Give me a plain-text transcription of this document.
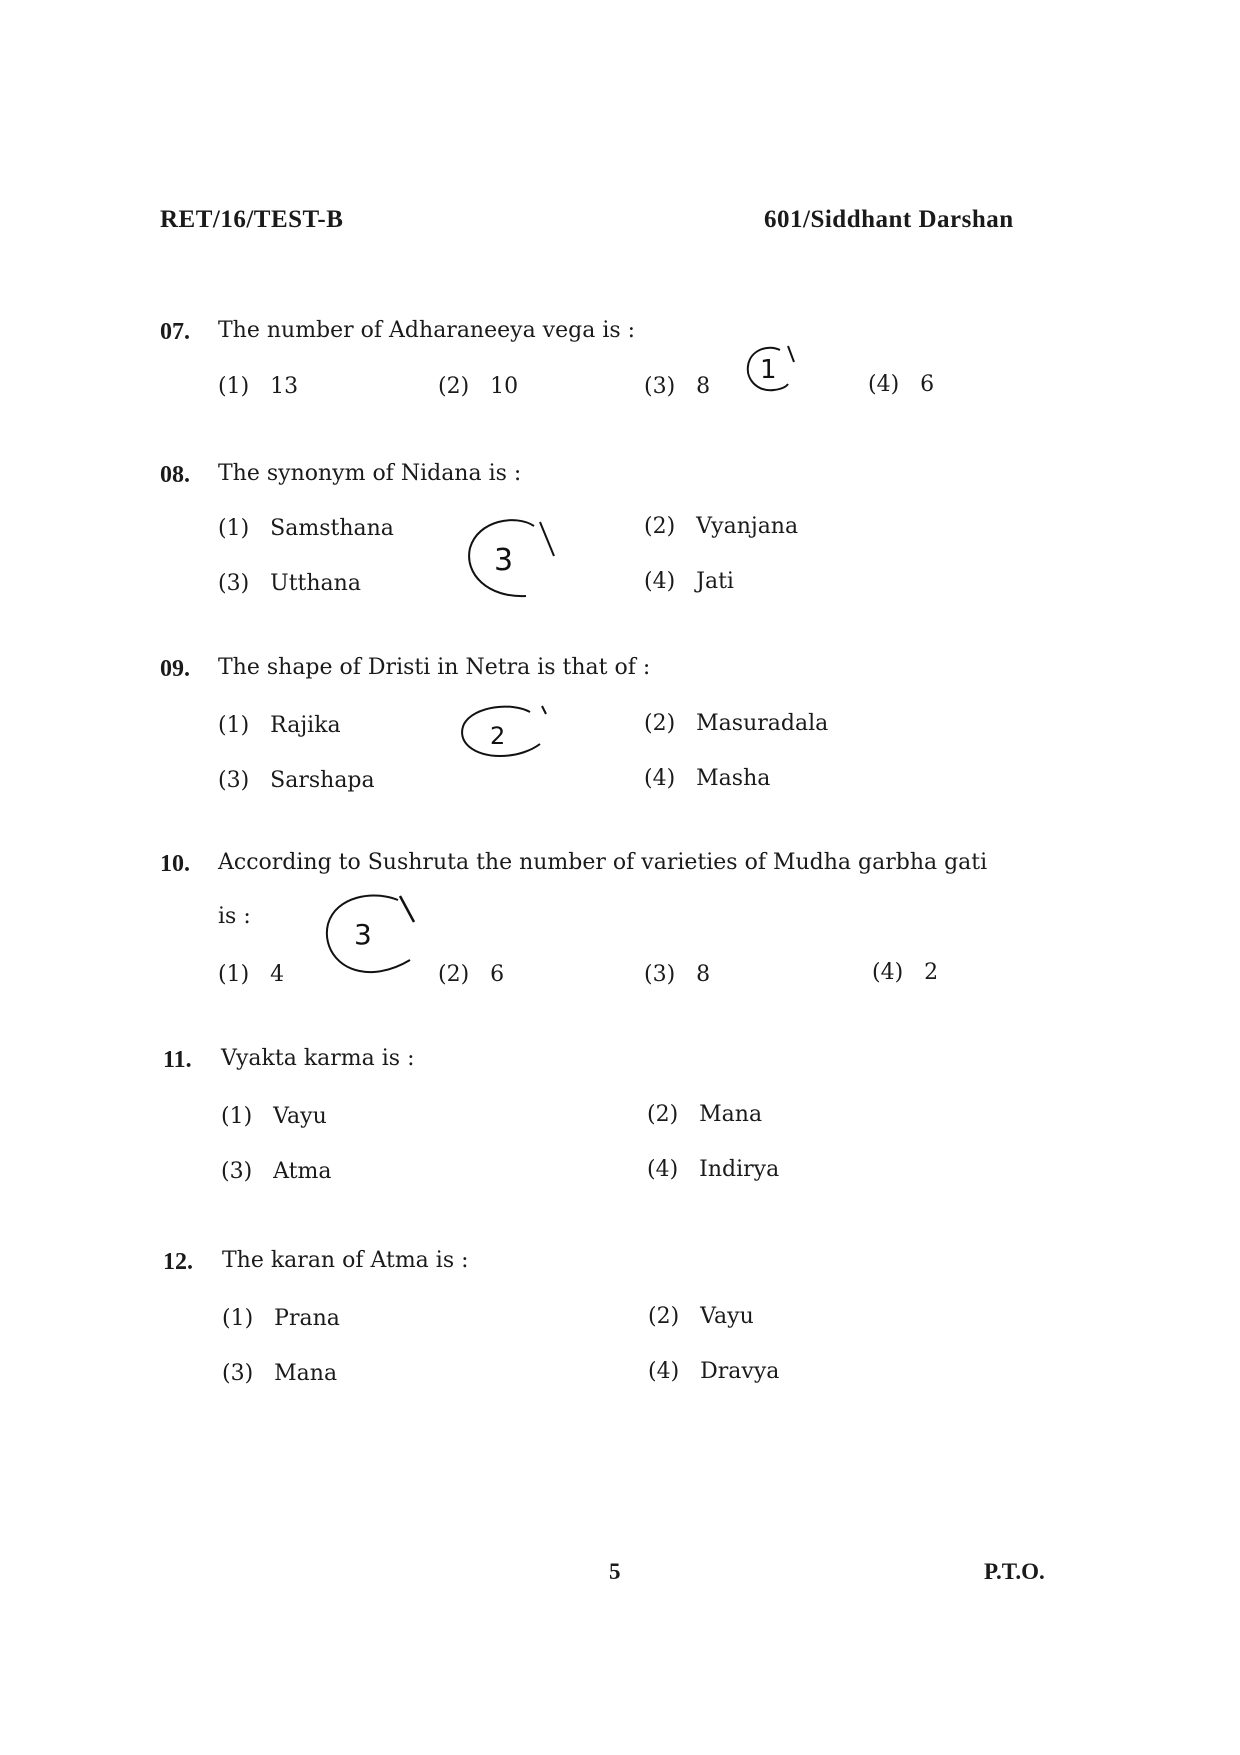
RET/16/TEST-B	601/Siddhant Darshan
07. The number of Adharaneeya vega is :
(1) 13	(2) 10	(3) 8	(4) 6
1
08. The synonym of Nidana is :
(1) Samsthana	(2) Vyanjana
(3) Utthana	(4) Jati
3
09. The shape of Dristi in Netra is that of :
(1) Rajika	(2) Masuradala
(3) Sarshapa	(4) Masha
2
10. According to Sushruta the number of varieties of Mudha garbha gati
is :
(1) 4	(2) 6	(3) 8	(4) 2
3
11. Vyakta karma is :
(1) Vayu	(2) Mana
(3) Atma	(4) Indirya
12. The karan of Atma is :
(1) Prana	(2) Vayu
(3) Mana	(4) Dravya
5	P.T.O.
